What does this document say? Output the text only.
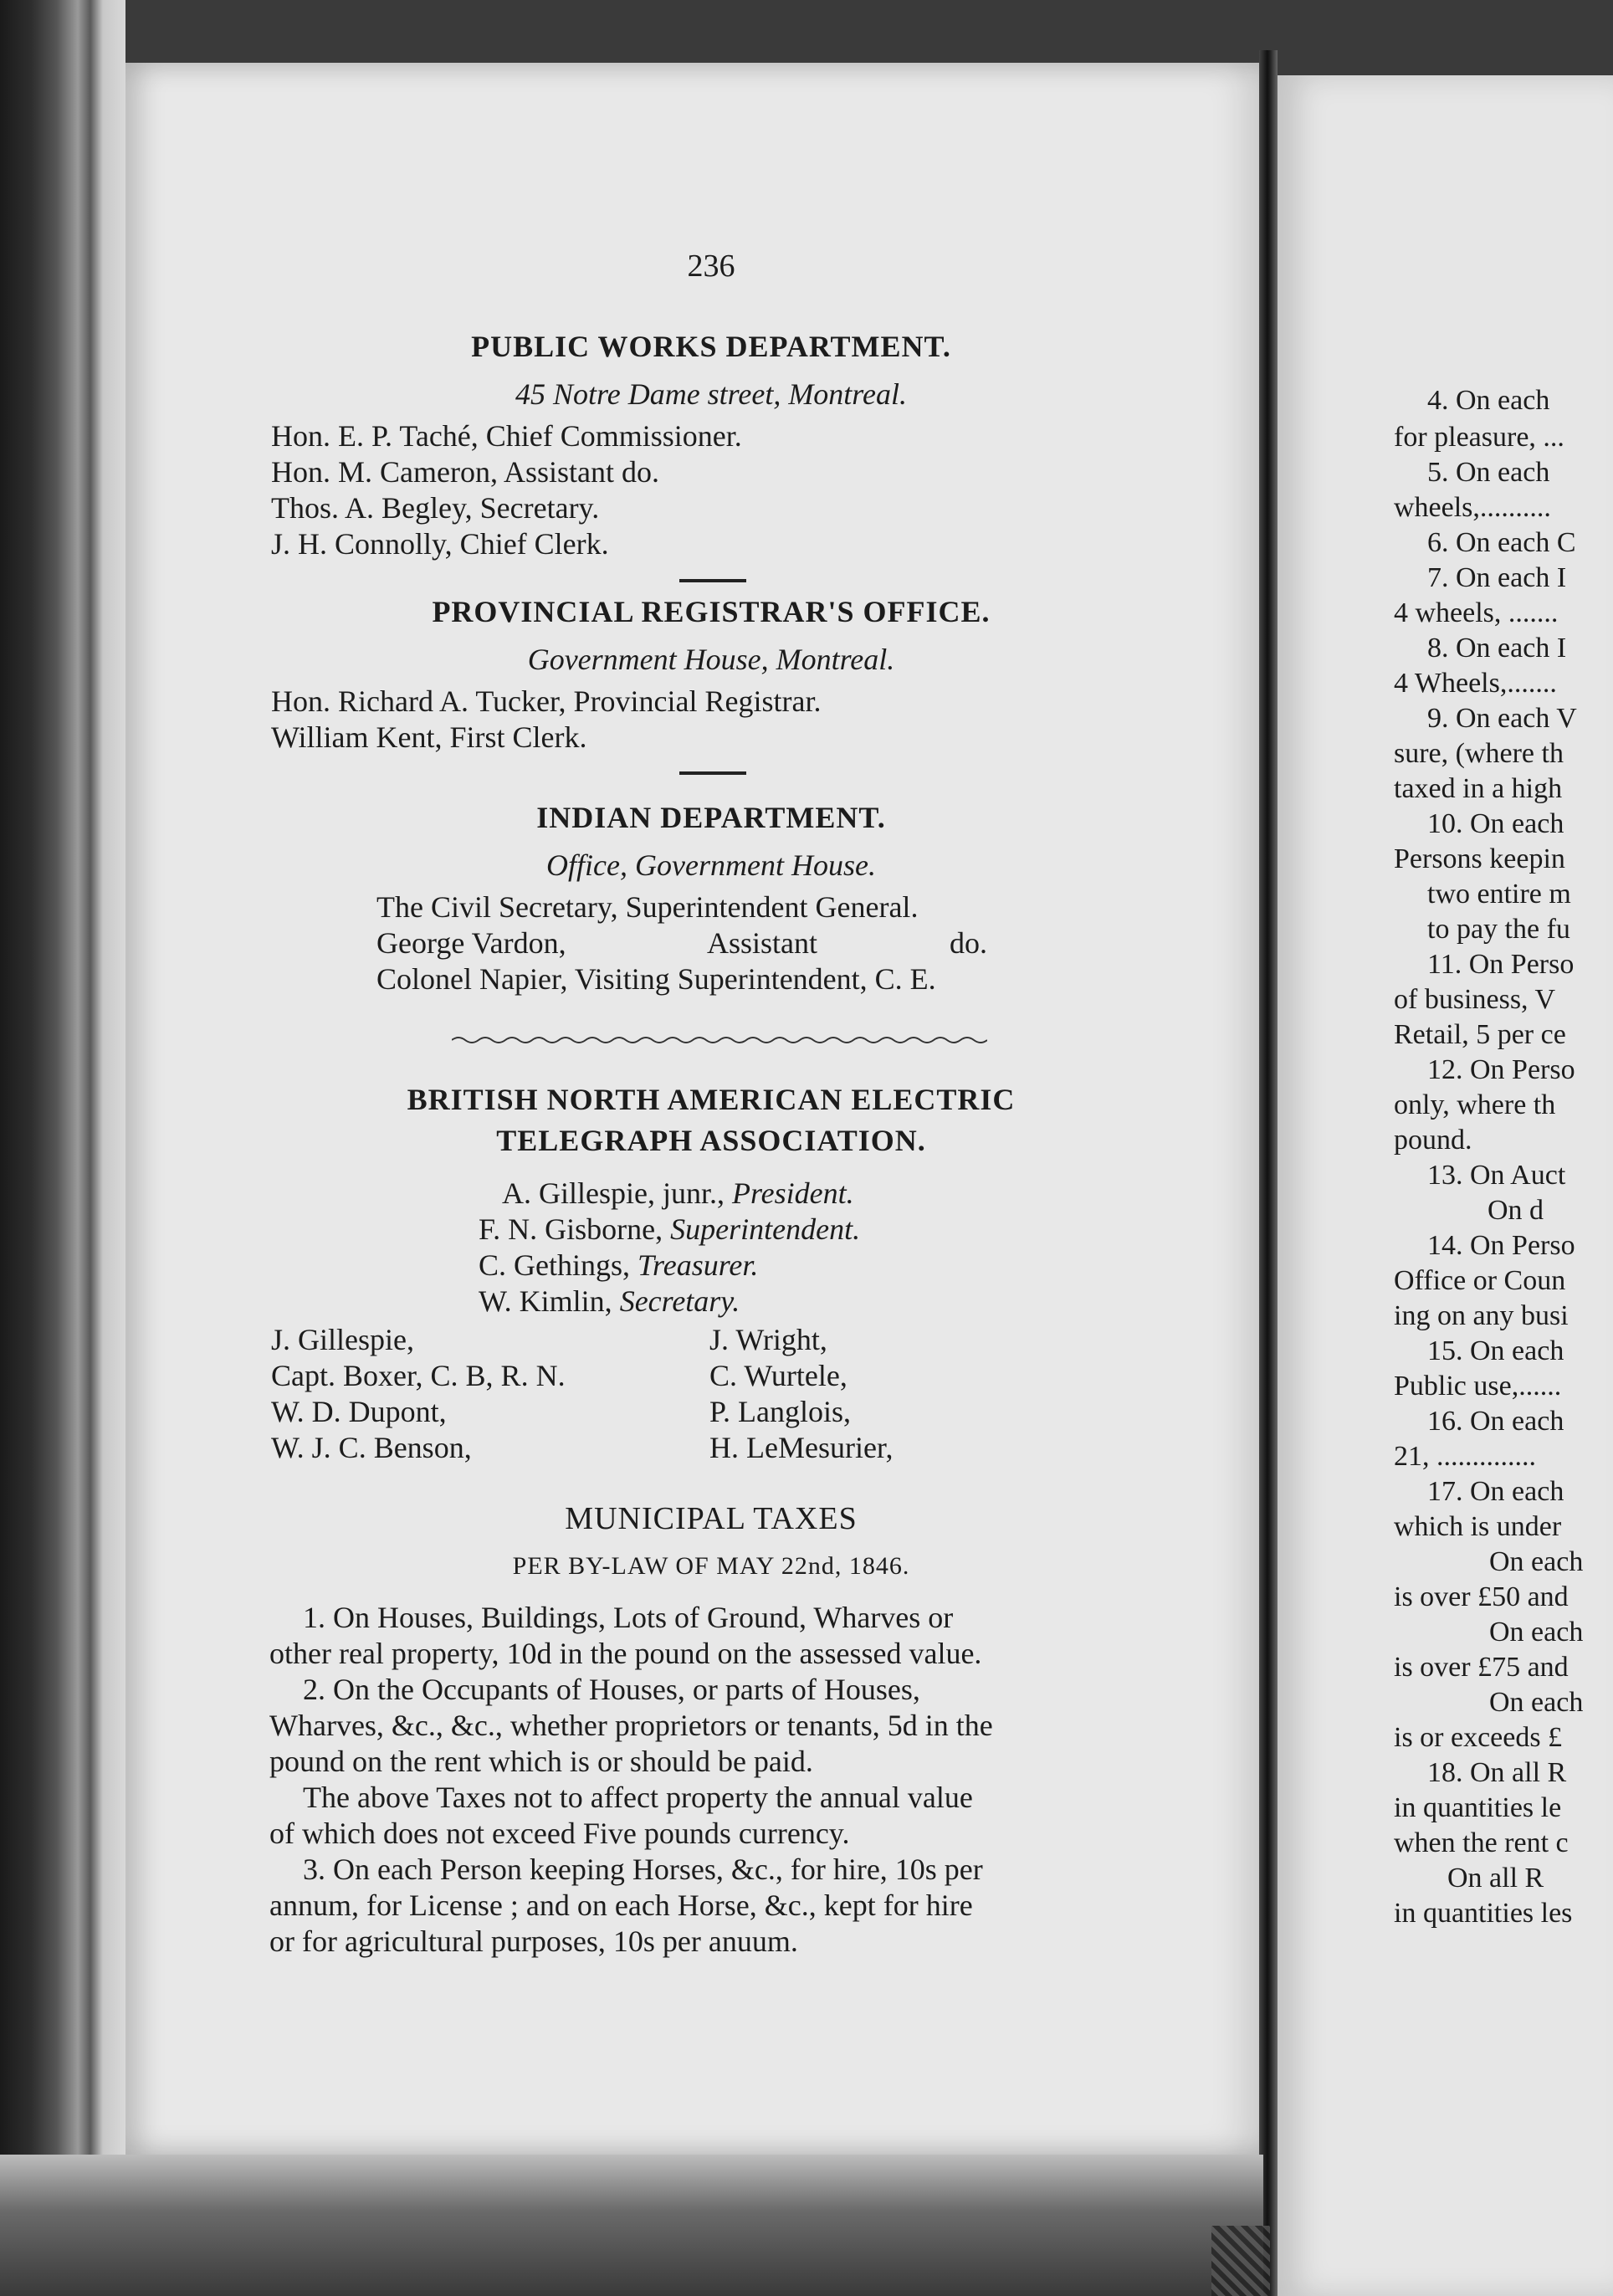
236
PUBLIC WORKS DEPARTMENT.
45 Notre Dame street, Montreal.
Hon. E. P. Taché, Chief Commissioner.
Hon. M. Cameron, Assistant do.
Thos. A. Begley, Secretary.
J. H. Connolly, Chief Clerk.
PROVINCIAL REGISTRAR'S OFFICE.
Government House, Montreal.
Hon. Richard A. Tucker, Provincial Registrar.
William Kent, First Clerk.
INDIAN DEPARTMENT.
Office, Government House.
The Civil Secretary, Superintendent General.
George Vardon,	Assistant	do.
Colonel Napier, Visiting Superintendent, C. E.
BRITISH NORTH AMERICAN ELECTRIC
TELEGRAPH ASSOCIATION.
A. Gillespie, junr., President.
F. N. Gisborne, Superintendent.
C. Gethings, Treasurer.
W. Kimlin, Secretary.
J. Gillespie,
Capt. Boxer, C. B, R. N.
W. D. Dupont,
W. J. C. Benson,
J. Wright,
C. Wurtele,
P. Langlois,
H. LeMesurier,
MUNICIPAL TAXES
PER BY-LAW OF MAY 22nd, 1846.
1. On Houses, Buildings, Lots of Ground, Wharves or
other real property, 10d in the pound on the assessed value.
2. On the Occupants of Houses, or parts of Houses,
Wharves, &c., &c., whether proprietors or tenants, 5d in the
pound on the rent which is or should be paid.
The above Taxes not to affect property the annual value
of which does not exceed Five pounds currency.
3. On each Person keeping Horses, &c., for hire, 10s per
annum, for License ; and on each Horse, &c., kept for hire
or for agricultural purposes, 10s per anuum.
4. On each
for pleasure, ...
5. On each
wheels,..........
6. On each C
7. On each I
4 wheels, .......
8. On each I
4 Wheels,.......
9. On each V
sure, (where th
taxed in a high
10. On each
Persons keepin
two entire m
to pay the fu
11. On Perso
of business, V
Retail, 5 per ce
12. On Perso
only, where th
pound.
13. On Auct
On d
14. On Perso
Office or Coun
ing on any busi
15. On each
Public use,......
16. On each
21, ..............
17. On each
which is under
On each
is over £50 and
On each
is over £75 and
On each
is or exceeds £
18. On all R
in quantities le
when the rent c
On all R
in quantities les
